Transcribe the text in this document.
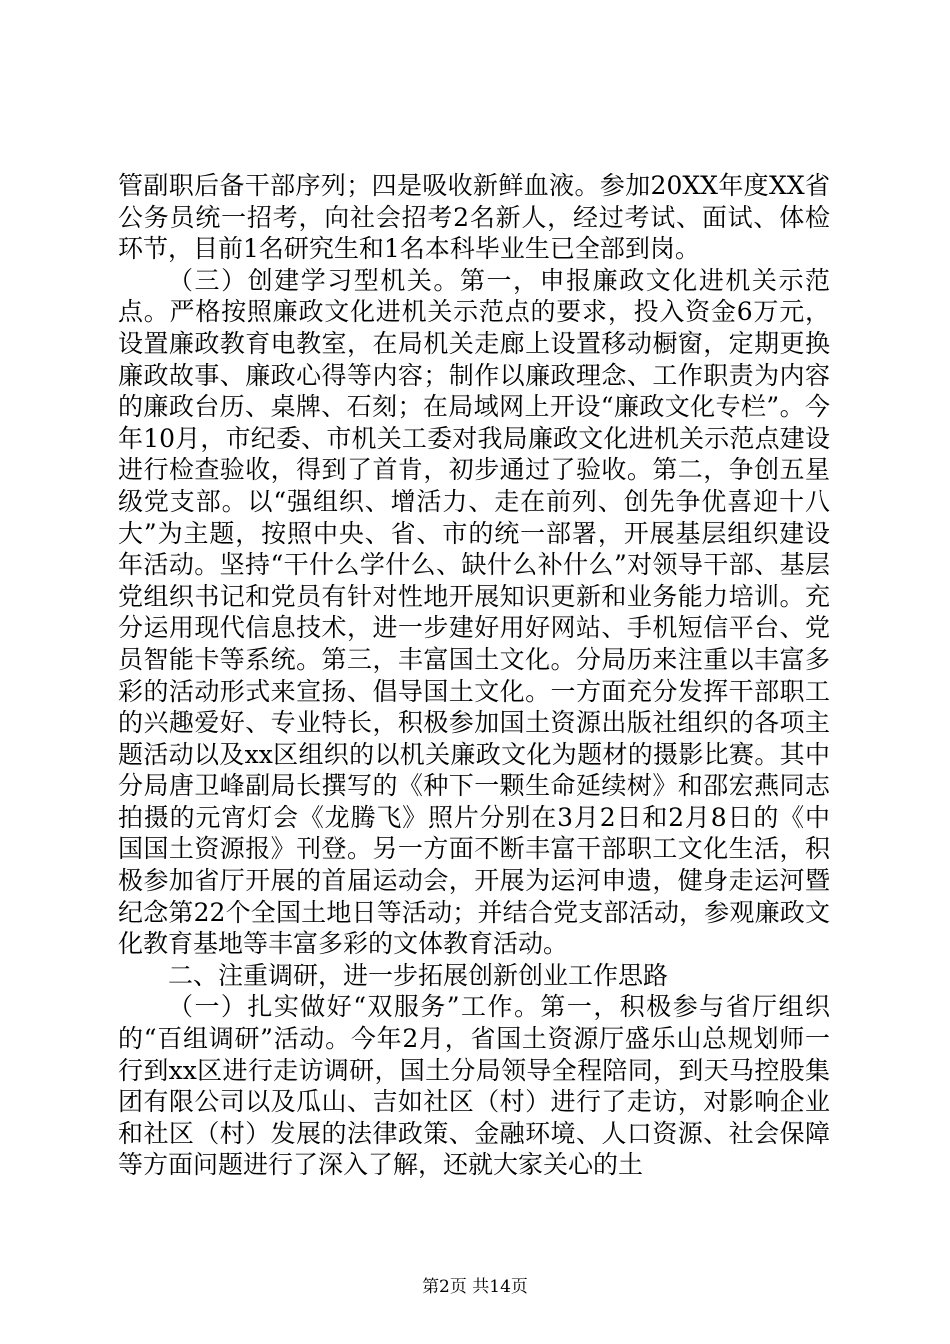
管副职后备干部序列；四是吸收新鲜血液。参加20XX年度XX省公务员统一招考，向社会招考2名新人，经过考试、面试、体检环节，目前1名研究生和1名本科毕业生已全部到岗。

（三）创建学习型机关。第一，申报廉政文化进机关示范点。严格按照廉政文化进机关示范点的要求，投入资金6万元，设置廉政教育电教室，在局机关走廊上设置移动橱窗，定期更换廉政故事、廉政心得等内容；制作以廉政理念、工作职责为内容的廉政台历、桌牌、石刻；在局域网上开设“廉政文化专栏”。今年10月，市纪委、市机关工委对我局廉政文化进机关示范点建设进行检查验收，得到了首肯，初步通过了验收。第二，争创五星级党支部。以“强组织、增活力、走在前列、创先争优喜迎十八大”为主题，按照中央、省、市的统一部署，开展基层组织建设年活动。坚持“干什么学什么、缺什么补什么”对领导干部、基层党组织书记和党员有针对性地开展知识更新和业务能力培训。充分运用现代信息技术，进一步建好用好网站、手机短信平台、党员智能卡等系统。第三，丰富国土文化。分局历来注重以丰富多彩的活动形式来宣扬、倡导国土文化。一方面充分发挥干部职工的兴趣爱好、专业特长，积极参加国土资源出版社组织的各项主题活动以及xx区组织的以机关廉政文化为题材的摄影比赛。其中分局唐卫峰副局长撰写的《种下一颗生命延续树》和邵宏燕同志拍摄的元宵灯会《龙腾飞》照片分别在3月2日和2月8日的《中国国土资源报》刊登。另一方面不断丰富干部职工文化生活，积极参加省厅开展的首届运动会，开展为运河申遗，健身走运河暨纪念第22个全国土地日等活动；并结合党支部活动，参观廉政文化教育基地等丰富多彩的文体教育活动。

二、注重调研，进一步拓展创新创业工作思路

（一）扎实做好“双服务”工作。第一，积极参与省厅组织的“百组调研”活动。今年2月，省国土资源厅盛乐山总规划师一行到xx区进行走访调研，国土分局领导全程陪同，到天马控股集团有限公司以及瓜山、吉如社区（村）进行了走访，对影响企业和社区（村）发展的法律政策、金融环境、人口资源、社会保障等方面问题进行了深入了解，还就大家关心的土

第2页 共14页
